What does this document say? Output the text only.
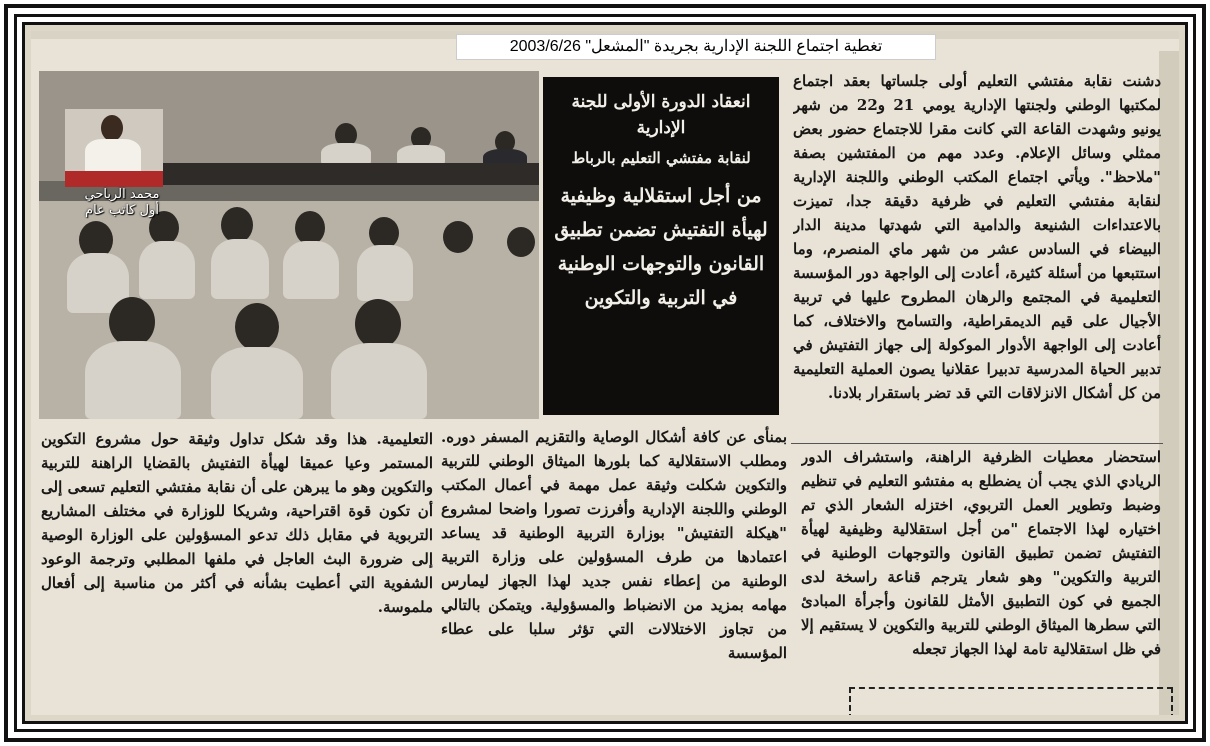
تغطية اجتماع اللجنة الإدارية بجريدة "المشعل" 2003/6/26
محمد الرباحي
أول كاتب عام
انعقاد الدورة الأولى للجنة الإدارية
لنقابة مفتشي التعليم بالرباط
من أجل استقلالية وظيفية لهيأة التفتيش تضمن تطبيق القانون والتوجهات الوطنية في التربية والتكوين

دشنت نقابة مفتشي التعليم أولى جلساتها بعقد اجتماع لمكتبها الوطني ولجنتها الإدارية يومي 21 و22 من شهر يونيو وشهدت القاعة التي كانت مقرا للاجتماع حضور بعض ممثلي وسائل الإعلام. وعدد مهم من المفتشين بصفة "ملاحظ". ويأتي اجتماع المكتب الوطني واللجنة الإدارية لنقابة مفتشي التعليم في ظرفية دقيقة جدا، تميزت بالاعتداءات الشنيعة والدامية التي شهدتها مدينة الدار البيضاء في السادس عشر من شهر ماي المنصرم، وما استتبعها من أسئلة كثيرة، أعادت إلى الواجهة دور المؤسسة التعليمية في المجتمع والرهان المطروح عليها في تربية الأجيال على قيم الديمقراطية، والتسامح والاختلاف، كما أعادت إلى الواجهة الأدوار الموكولة إلى جهاز التفتيش في تدبير الحياة المدرسية تدبيرا عقلانيا يصون العملية التعليمية من كل أشكال الانزلاقات التي قد تضر باستقرار بلادنا.

استحضار معطيات الظرفية الراهنة، واستشراف الدور الريادي الذي يجب أن يضطلع به مفتشو التعليم في تنظيم وضبط وتطوير العمل التربوي، اختزله الشعار الذي تم اختياره لهذا الاجتماع "من أجل استقلالية وظيفية لهيأة التفتيش تضمن تطبيق القانون والتوجهات الوطنية في التربية والتكوين" وهو شعار يترجم قناعة راسخة لدى الجميع في كون التطبيق الأمثل للقانون وأجرأة المبادئ التي سطرها الميثاق الوطني للتربية والتكوين لا يستقيم إلا في ظل استقلالية تامة لهذا الجهاز تجعله

بمنأى عن كافة أشكال الوصاية والتقزيم المسفر دوره. ومطلب الاستقلالية كما بلورها الميثاق الوطني للتربية والتكوين شكلت وثيقة عمل مهمة في أعمال المكتب الوطني واللجنة الإدارية وأفرزت تصورا واضحا لمشروع "هيكلة التفتيش" بوزارة التربية الوطنية قد يساعد اعتمادها من طرف المسؤولين على وزارة التربية الوطنية من إعطاء نفس جديد لهذا الجهاز ليمارس مهامه بمزيد من الانضباط والمسؤولية. ويتمكن بالتالي من تجاوز الاختلالات التي تؤثر سلبا على عطاء المؤسسة

التعليمية. هذا وقد شكل تداول وثيقة حول مشروع التكوين المستمر وعيا عميقا لهيأة التفتيش بالقضايا الراهنة للتربية والتكوين وهو ما يبرهن على أن نقابة مفتشي التعليم تسعى إلى أن تكون قوة اقتراحية، وشريكا للوزارة في مختلف المشاريع التربوية في مقابل ذلك تدعو المسؤولين على الوزارة الوصية إلى ضرورة البث العاجل في ملفها المطلبي وترجمة الوعود الشفوية التي أعطيت بشأنه في أكثر من مناسبة إلى أفعال ملموسة.
